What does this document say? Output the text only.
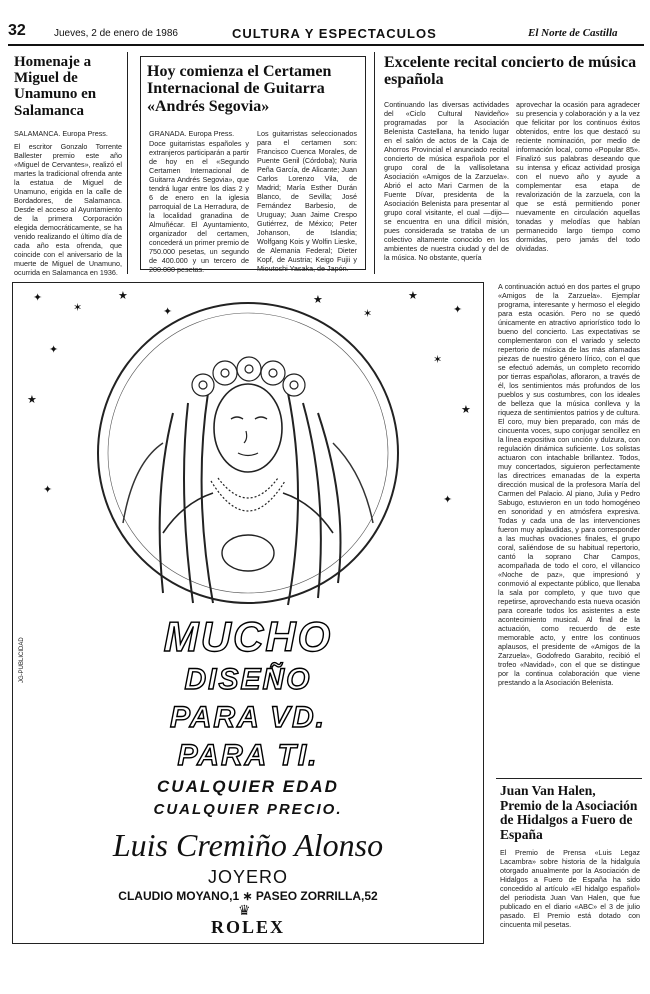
32	Jueves, 2 de enero de 1986	CULTURA Y ESPECTACULOS	El Norte de Castilla
Homenaje a Miguel de Unamuno en Salamanca
SALAMANCA. Europa Press.
El escritor Gonzalo Torrente Ballester premio este año «Miguel de Cervantes», realizó el martes la tradicional ofrenda ante la estatua de Miguel de Unamuno, erigida en la calle de Bordadores, de Salamanca. Desde el acceso al Ayuntamiento de la primera Corporación elegida democráticamente, se ha venido realizando el último día de cada año esta ofrenda, que coincide con el aniversario de la muerte de Miguel de Unamuno, ocurrida en Salamanca en 1936.
Hoy comienza el Certamen Internacional de Guitarra «Andrés Segovia»
GRANADA. Europa Press.
Doce guitarristas españoles y extranjeros participarán a partir de hoy en el «Segundo Certamen Internacional de Guitarra Andrés Segovia», que tendrá lugar entre los días 2 y 6 de enero en la iglesia parroquial de La Herradura, de la localidad granadina de Almuñécar. El Ayuntamiento, organizador del certamen, concederá un primer premio de 750.000 pesetas, un segundo de 400.000 y un tercero de 200.000 pesetas.
Los guitarristas seleccionados para el certamen son: Francisco Cuenca Morales, de Puente Genil (Córdoba); Nuria Peña García, de Alicante; Juan Carlos Lorenzo Vila, de Madrid; María Esther Durán Blanco, de Sevilla; José Fernández Barbesio, de Uruguay; Juan Jaime Crespo Gutiérrez, de México; Peter Johanson, de Islandia; Wolfgang Kois y Wolfin Lieske, de Alemania Federal; Dieter Kopf, de Austria; Keigo Fujii y Mioutoshi Yasaka, de Japón.
Excelente recital concierto de música española
Continuando las diversas actividades del «Ciclo Cultural Navideño» programadas por la Asociación Belenista Castellana, ha tenido lugar en el salón de actos de la Caja de Ahorros Provincial el anunciado recital concierto de música española por el grupo coral de la vallisoletana Asociación «Amigos de la Zarzuela». Abrió el acto Mari Carmen de la Fuente Dívar, presidenta de la Asociación Belenista para presentar al grupo coral visitante, el cual —dijo— se encuentra en una difícil misión, pues considerada se trataba de un colectivo altamente conocido en los ambientes de nuestra ciudad y del de la música. No obstante, quería
aprovechar la ocasión para agradecer su presencia y colaboración y a la vez que felicitar por los continuos éxitos obtenidos, entre los que destacó su reciente nominación, por medio de información local, como «Popular 85». Finalizó sus palabras deseando que su intensa y eficaz actividad prosiga con el nuevo año y ayude a complementar esa etapa de revalorización de la zarzuela, con la que se está permitiendo poner nuevamente en circulación aquellas tonadas y melodías que habían permanecido largo tiempo como dormidas, pero jamás del todo olvidadas.
A continuación actuó en dos partes el grupo «Amigos de la Zarzuela». Ejemplar programa, interesante y hermoso el elegido para esta ocasión. Pero no se quedó únicamente en atractivo apriorístico todo lo bueno del concierto. Las expectativas se complementaron con el variado y selecto repertorio de música de las más afamadas piezas de nuestro género lírico, con el que se efectuó además, un completo recorrido por tierras españolas, afloraron, a través de él, los sentimientos más profundos de los pueblos y sus costumbres, con los ideales de belleza que la música conlleva y la riqueza de sentimientos patrios y de cultura. El coro, muy bien preparado, con más de cincuenta voces, supo conjugar sencillez en la línea expositiva con unción y dulzura, con regulación dinámica suficiente. Los solistas actuaron con intachable brillantez. Todos, muy concertados, siguieron perfectamente las directrices emanadas de la experta dirección musical de la profesora María del Carmen del Palacio. Al piano, Julia y Pedro Sabugo, estuvieron en un todo homogéneo en sonoridad y en atmósfera expresiva. Todas y cada una de las intervenciones fueron muy aplaudidas, y para corresponder a las muchas ovaciones finales, el grupo coral, saliéndose de su habitual repertorio, cantó la soprano Char Campos, acompañada de todo el coro, el villancico «Noche de paz», que impresionó y conmovió al expectante público, que llenaba la sala por completo, y que tuvo que repetirse, aprovechando esta nueva ocasión para corearle todos los asistentes a este acontecimiento musical. Al final de la actuación, como recuerdo de este memorable acto, y entre los continuos aplausos, el presidente de «Amigos de la Zarzuela», Godofredo Garabito, recibió el trofeo «Navidad», con el que se distingue por la continua colaboración que viene prestando a la Asociación Belenista.
Juan Van Halen, Premio de la Asociación de Hidalgos a Fuero de España
El Premio de Prensa «Luis Legaz Lacambra» sobre historia de la hidalguía otorgado anualmente por la Asociación de Hidalgos a Fuero de España ha sido concedido al artículo «El hidalgo español» del periodista Juan Van Halen, que fue publicado en el diario «ABC» el 3 de julio pasado. El Premio está dotado con cincuenta mil pesetas.
✦
✶
★
✦
★
✶
★
✦
✦
✶
★
★
✦
✦
MUCHO
DISEÑO
PARA VD.
PARA TI.
CUALQUIER EDAD
CUALQUIER PRECIO.
Luis Cremiño Alonso
JOYERO
CLAUDIO MOYANO,1 ∗ PASEO ZORRILLA,52
♛
ROLEX
JG-PUBLICIDAD
